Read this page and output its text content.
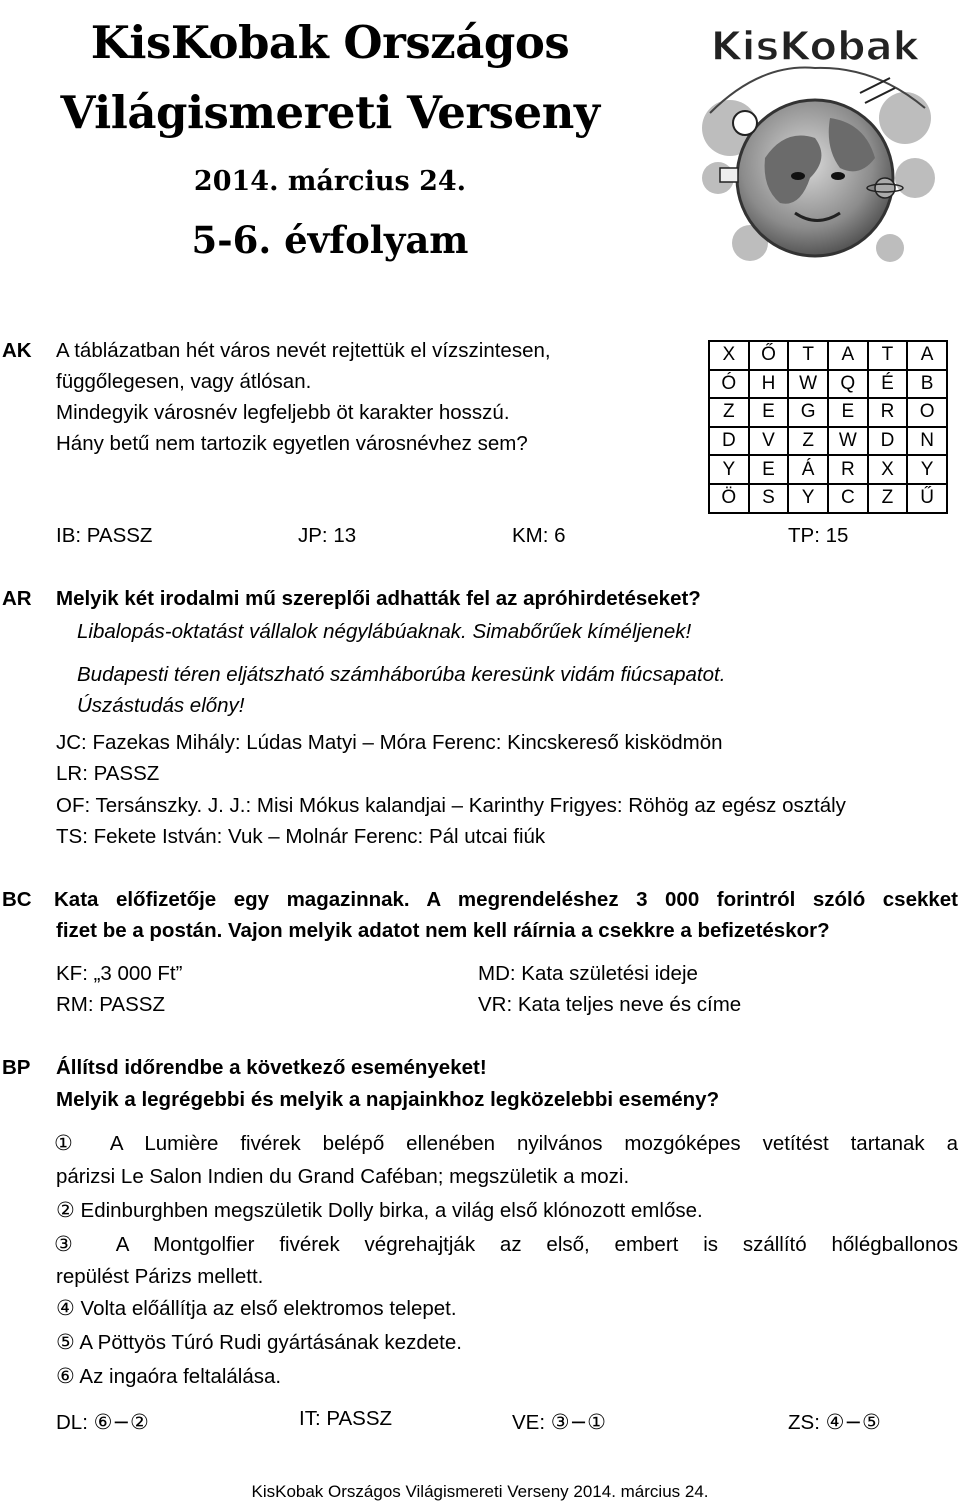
KisKobak Országos
Világismereti Verseny
2014. március 24.
5-6. évfolyam
KisKobak
AK A táblázatban hét város nevét rejtettük el vízszintesen,
függőlegesen, vagy átlósan.
Mindegyik városnév legfeljebb öt karakter hosszú.
Hány betű nem tartozik egyetlen városnévhez sem?
X	Ő	T	A	T	A
Ó	H	W	Q	É	B
Z	E	G	E	R	O
D	V	Z	W	D	N
Y	E	Á	R	X	Y
Ö	S	Y	C	Z	Ű
IB: PASSZ	JP: 13	KM: 6	TP: 15
AR Melyik két irodalmi mű szereplői adhatták fel az apróhirdetéseket?
Libalopás-oktatást vállalok négylábúaknak. Simabőrűek kíméljenek!
Budapesti téren eljátszható számháborúba keresünk vidám fiúcsapatot.
Úszástudás előny!
JC: Fazekas Mihály: Lúdas Matyi – Móra Ferenc: Kincskereső kisködmön
LR: PASSZ
OF: Tersánszky. J. J.: Misi Mókus kalandjai – Karinthy Frigyes: Röhög az egész osztály
TS: Fekete István: Vuk – Molnár Ferenc: Pál utcai fiúk
BC Kata előfizetője egy magazinnak. A megrendeléshez 3 000 forintról szóló csekket
fizet be a postán. Vajon melyik adatot nem kell ráírnia a csekkre a befizetéskor?
KF: „3 000 Ft”	MD: Kata születési ideje
RM: PASSZ	VR: Kata teljes neve és címe
BP Állítsd időrendbe a következő eseményeket!
Melyik a legrégebbi és melyik a napjainkhoz legközelebbi esemény?
① A Lumière fivérek belépő ellenében nyilvános mozgóképes vetítést tartanak a
párizsi Le Salon Indien du Grand Caféban; megszületik a mozi.
② Edinburghben megszületik Dolly birka, a világ első klónozott emlőse.
③ A Montgolfier fivérek végrehajtják az első, embert is szállító hőlégballonos
repülést Párizs mellett.
④ Volta előállítja az első elektromos telepet.
⑤ A Pöttyös Túró Rudi gyártásának kezdete.
⑥ Az ingaóra feltalálása.
DL: ⑥−②	IT: PASSZ	VE: ③−①	ZS: ④−⑤
KisKobak Országos Világismereti Verseny 2014. március 24.
